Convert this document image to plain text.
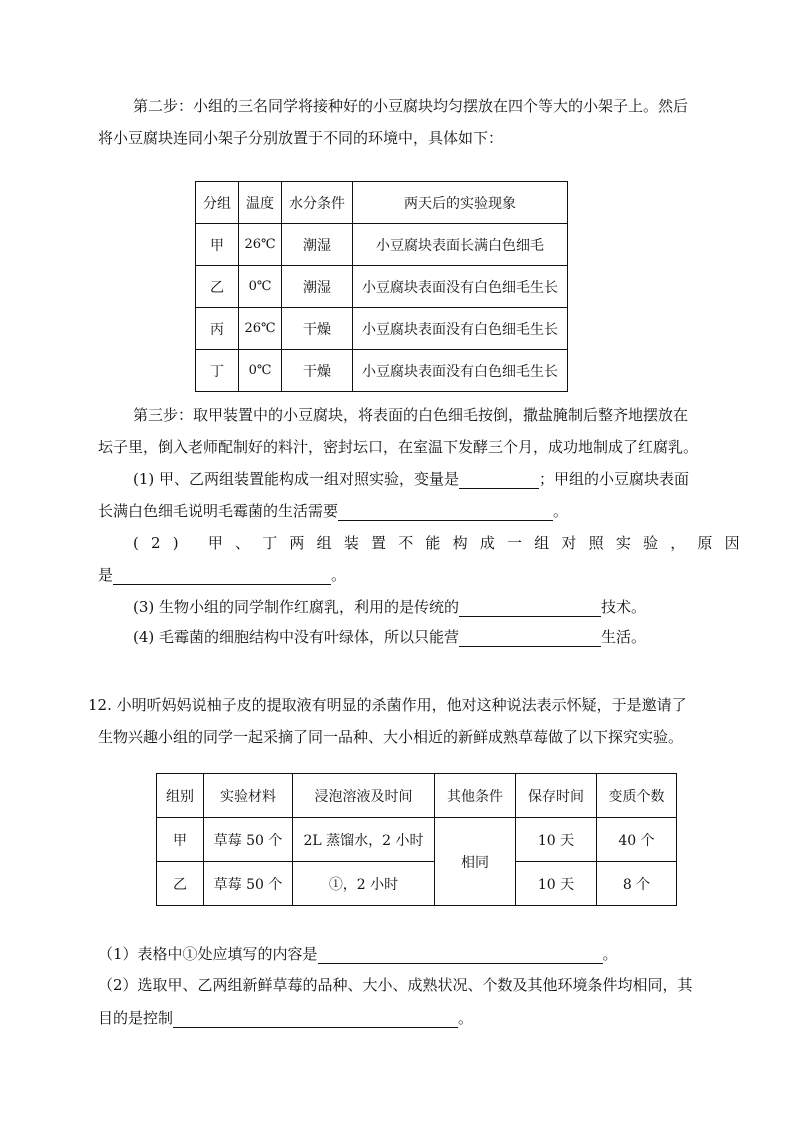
第二步：小组的三名同学将接种好的小豆腐块均匀摆放在四个等大的小架子上。然后
将小豆腐块连同小架子分别放置于不同的环境中，具体如下：
分组	温度	水分条件	两天后的实验现象
甲	26℃	潮湿	小豆腐块表面长满白色细毛
乙	0℃	潮湿	小豆腐块表面没有白色细毛生长
丙	26℃	干燥	小豆腐块表面没有白色细毛生长
丁	0℃	干燥	小豆腐块表面没有白色细毛生长
第三步：取甲装置中的小豆腐块，将表面的白色细毛按倒，撒盐腌制后整齐地摆放在
坛子里，倒入老师配制好的料汁，密封坛口，在室温下发酵三个月，成功地制成了红腐乳。
(1) 甲、乙两组装置能构成一组对照实验，变量是	；甲组的小豆腐块表面
长满白色细毛说明毛霉菌的生活需要	。
(2) 甲、丁两组装置不能构成一组对照实验，原因
是	。
(3) 生物小组的同学制作红腐乳，利用的是传统的	技术。
(4) 毛霉菌的细胞结构中没有叶绿体，所以只能营	生活。
12. 小明听妈妈说柚子皮的提取液有明显的杀菌作用，他对这种说法表示怀疑，于是邀请了
生物兴趣小组的同学一起采摘了同一品种、大小相近的新鲜成熟草莓做了以下探究实验。
组别	实验材料	浸泡溶液及时间	其他条件	保存时间	变质个数
甲	草莓 50 个	2L 蒸馏水，2 小时	相同	10 天	40 个
乙	草莓 50 个	①，2 小时		10 天	8 个
（1）表格中①处应填写的内容是	。
（2）选取甲、乙两组新鲜草莓的品种、大小、成熟状况、个数及其他环境条件均相同，其
目的是控制	。
